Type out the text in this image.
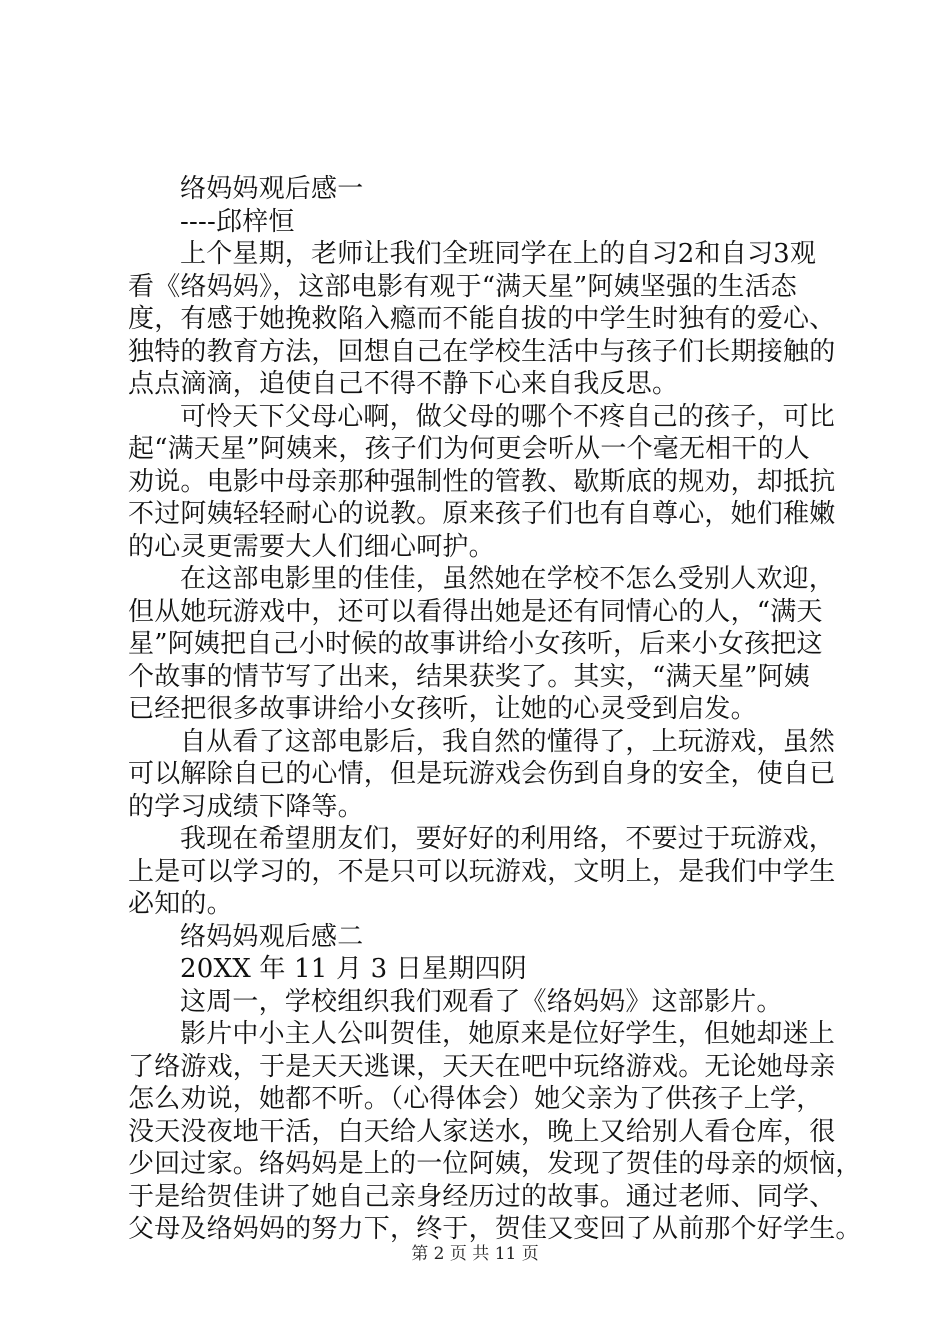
络妈妈观后感一
----邱梓恒
上个星期，老师让我们全班同学在上的自习2和自习3观
看《络妈妈》，这部电影有观于“满天星”阿姨坚强的生活态
度，有感于她挽救陷入瘾而不能自拔的中学生时独有的爱心、
独特的教育方法，回想自己在学校生活中与孩子们长期接触的
点点滴滴，追使自己不得不静下心来自我反思。
可怜天下父母心啊，做父母的哪个不疼自己的孩子，可比
起“满天星”阿姨来，孩子们为何更会听从一个毫无相干的人
劝说。电影中母亲那种强制性的管教、歇斯底的规劝，却抵抗
不过阿姨轻轻耐心的说教。原来孩子们也有自尊心，她们稚嫩
的心灵更需要大人们细心呵护。
在这部电影里的佳佳，虽然她在学校不怎么受别人欢迎，
但从她玩游戏中，还可以看得出她是还有同情心的人，“满天
星”阿姨把自己小时候的故事讲给小女孩听，后来小女孩把这
个故事的情节写了出来，结果获奖了。其实，“满天星”阿姨
已经把很多故事讲给小女孩听，让她的心灵受到启发。
自从看了这部电影后，我自然的懂得了，上玩游戏，虽然
可以解除自已的心情，但是玩游戏会伤到自身的安全，使自已
的学习成绩下降等。
我现在希望朋友们，要好好的利用络，不要过于玩游戏，
上是可以学习的，不是只可以玩游戏，文明上，是我们中学生
必知的。
络妈妈观后感二
20XX 年 11 月 3 日星期四阴
这周一，学校组织我们观看了《络妈妈》这部影片。
影片中小主人公叫贺佳，她原来是位好学生，但她却迷上
了络游戏，于是天天逃课，天天在吧中玩络游戏。无论她母亲
怎么劝说，她都不听。（心得体会）她父亲为了供孩子上学，
没天没夜地干活，白天给人家送水，晚上又给别人看仓库，很
少回过家。络妈妈是上的一位阿姨，发现了贺佳的母亲的烦恼，
于是给贺佳讲了她自己亲身经历过的故事。通过老师、同学、
父母及络妈妈的努力下，终于，贺佳又变回了从前那个好学生。
第 2 页 共 11 页
